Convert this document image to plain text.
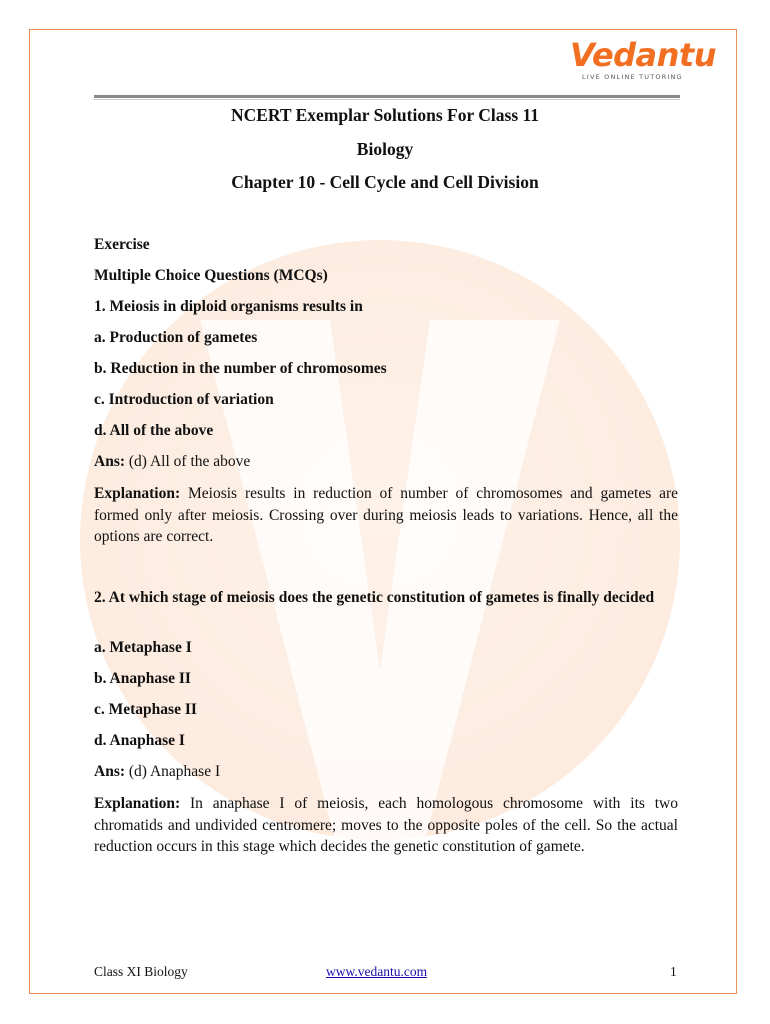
Vedantu
LIVE ONLINE TUTORING
NCERT Exemplar Solutions For Class 11
Biology
Chapter 10 - Cell Cycle and Cell Division
Exercise
Multiple Choice Questions (MCQs)
1. Meiosis in diploid organisms results in
a. Production of gametes
b. Reduction in the number of chromosomes
c. Introduction of variation
d. All of the above
Ans: (d) All of the above
Explanation: Meiosis results in reduction of number of chromosomes and gametes are formed only after meiosis. Crossing over during meiosis leads to variations. Hence, all the options are correct.
2. At which stage of meiosis does the genetic constitution of gametes is finally decided
a. Metaphase I
b. Anaphase II
c. Metaphase II
d. Anaphase I
Ans: (d) Anaphase I
Explanation: In anaphase I of meiosis, each homologous chromosome with its two chromatids and undivided centromere; moves to the opposite poles of the cell. So the actual reduction occurs in this stage which decides the genetic constitution of gamete.
Class XI Biology	www.vedantu.com	1
